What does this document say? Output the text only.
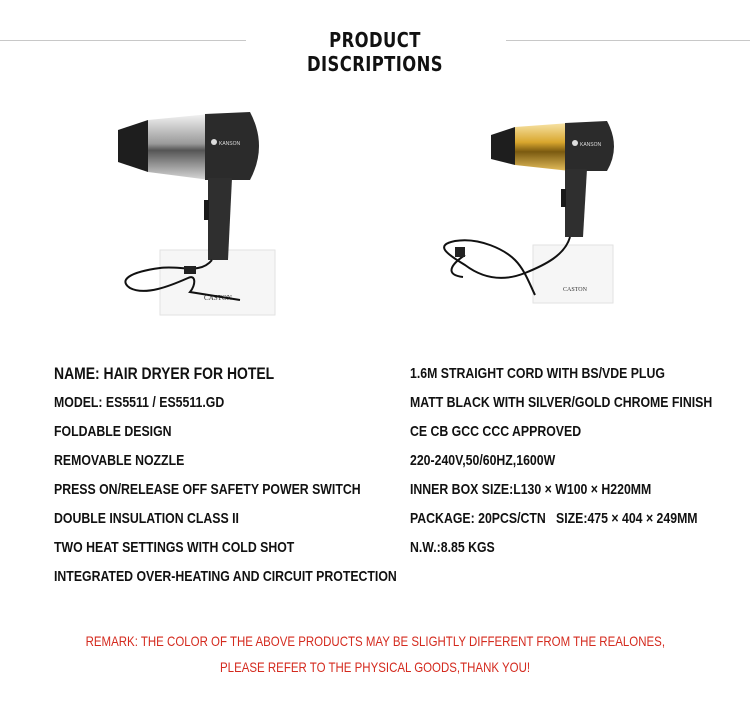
PRODUCT DISCRIPTIONS
CASTON
KANSON
CASTON
KANSON
NAME: HAIR DRYER FOR HOTEL
MODEL: ES5511 / ES5511.GD
FOLDABLE DESIGN
REMOVABLE NOZZLE
PRESS ON/RELEASE OFF SAFETY POWER SWITCH
DOUBLE INSULATION CLASS II
TWO HEAT SETTINGS WITH COLD SHOT
INTEGRATED OVER-HEATING AND CIRCUIT PROTECTION
1.6M STRAIGHT CORD WITH BS/VDE PLUG
MATT BLACK WITH SILVER/GOLD CHROME FINISH
CE CB GCC CCC APPROVED
220-240V,50/60HZ,1600W
INNER BOX SIZE:L130 × W100 × H220MM
PACKAGE: 20PCS/CTN   SIZE:475 × 404 × 249MM
N.W.:8.85 KGS
REMARK: THE COLOR OF THE ABOVE PRODUCTS MAY BE SLIGHTLY DIFFERENT FROM THE REALONES,
PLEASE REFER TO THE PHYSICAL GOODS,THANK YOU!
